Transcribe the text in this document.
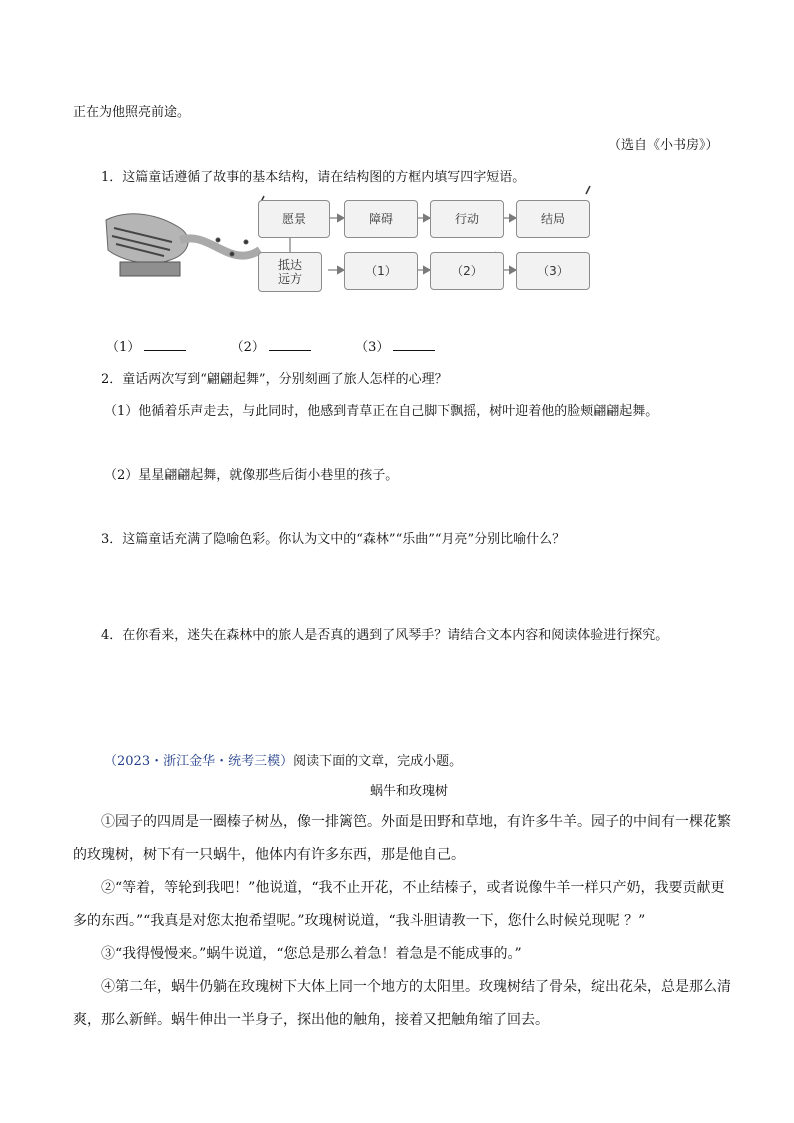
正在为他照亮前途。
（选自《小书房》）
1．这篇童话遵循了故事的基本结构，请在结构图的方框内填写四字短语。
愿景	障碍	行动	结局
抵达
远方
（1）	（2）	（3）
（1）	（2）	（3）
2．童话两次写到“翩翩起舞”，分别刻画了旅人怎样的心理？
（1）他循着乐声走去，与此同时，他感到青草正在自己脚下飘摇，树叶迎着他的脸颊翩翩起舞。
（2）星星翩翩起舞，就像那些后街小巷里的孩子。
3．这篇童话充满了隐喻色彩。你认为文中的“森林”“乐曲”“月亮”分别比喻什么？
4．在你看来，迷失在森林中的旅人是否真的遇到了风琴手？请结合文本内容和阅读体验进行探究。
（2023・浙江金华・统考三模）阅读下面的文章，完成小题。
蜗牛和玫瑰树

①园子的四周是一圈榛子树丛，像一排篱笆。外面是田野和草地，有许多牛羊。园子的中间有一棵花繁的玫瑰树，树下有一只蜗牛，他体内有许多东西，那是他自己。

②“等着，等轮到我吧！”他说道，“我不止开花，不止结榛子，或者说像牛羊一样只产奶，我要贡献更多的东西。”“我真是对您太抱希望呢。”玫瑰树说道，“我斗胆请教一下，您什么时候兑现呢 ？”

③“我得慢慢来。”蜗牛说道，“您总是那么着急！着急是不能成事的。”

④第二年，蜗牛仍躺在玫瑰树下大体上同一个地方的太阳里。玫瑰树结了骨朵，绽出花朵，总是那么清爽，那么新鲜。蜗牛伸出一半身子，探出他的触角，接着又把触角缩了回去。
